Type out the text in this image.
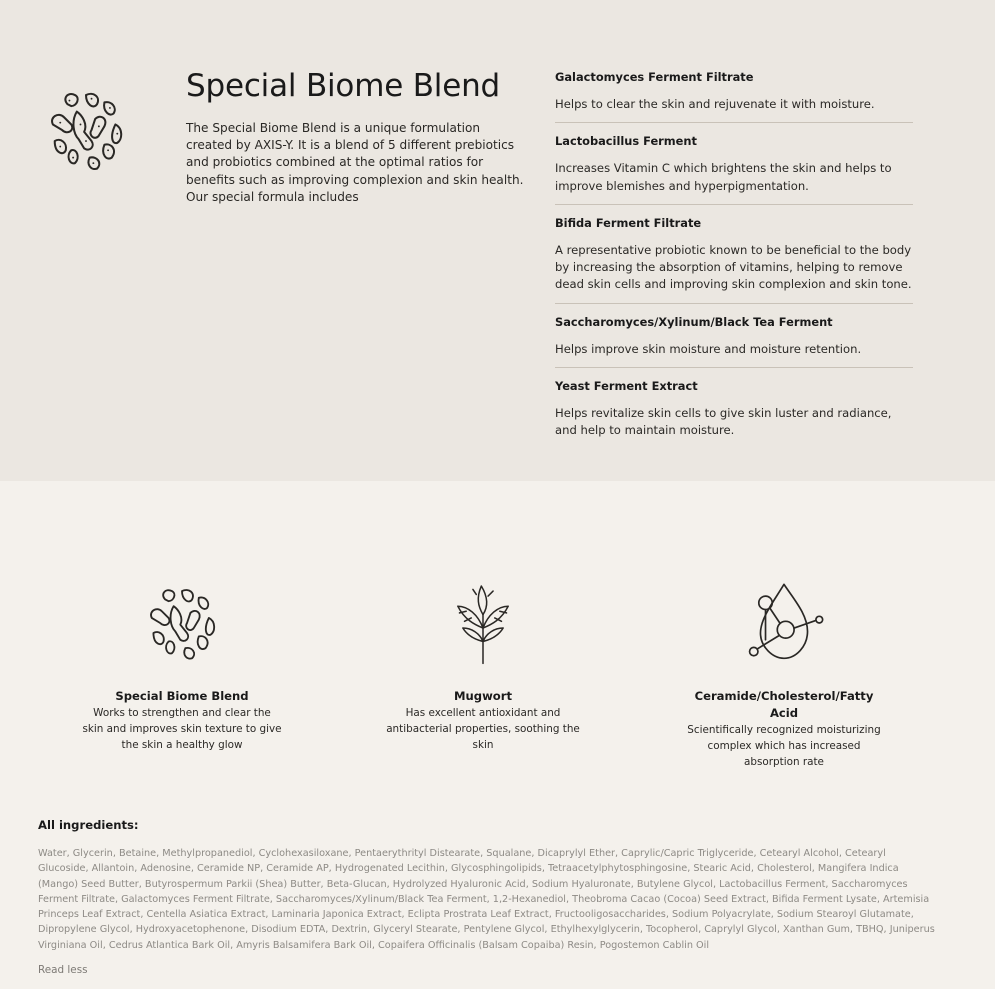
Special Biome Blend

The Special Biome Blend is a unique formulation created by AXIS-Y. It is a blend of 5 different prebiotics and probiotics combined at the optimal ratios for benefits such as improving complexion and skin health. Our special formula includes

Galactomyces Ferment Filtrate
Helps to clear the skin and rejuvenate it with moisture.
Lactobacillus Ferment
Increases Vitamin C which brightens the skin and helps to improve blemishes and hyperpigmentation.
Bifida Ferment Filtrate
A representative probiotic known to be beneficial to the body by increasing the absorption of vitamins, helping to remove dead skin cells and improving skin complexion and skin tone.
Saccharomyces/Xylinum/Black Tea Ferment
Helps improve skin moisture and moisture retention.
Yeast Ferment Extract
Helps revitalize skin cells to give skin luster and radiance, and help to maintain moisture.
Special Biome Blend
Works to strengthen and clear the skin and improves skin texture to give the skin a healthy glow
Mugwort
Has excellent antioxidant and antibacterial properties, soothing the skin
Ceramide/Cholesterol/Fatty Acid
Scientifically recognized moisturizing complex which has increased absorption rate
All ingredients:

Water, Glycerin, Betaine, Methylpropanediol, Cyclohexasiloxane, Pentaerythrityl Distearate, Squalane, Dicaprylyl Ether, Caprylic/Capric Triglyceride, Cetearyl Alcohol, Cetearyl Glucoside, Allantoin, Adenosine, Ceramide NP, Ceramide AP, Hydrogenated Lecithin, Glycosphingolipids, Tetraacetylphytosphingosine, Stearic Acid, Cholesterol, Mangifera Indica (Mango) Seed Butter, Butyrospermum Parkii (Shea) Butter, Beta-Glucan, Hydrolyzed Hyaluronic Acid, Sodium Hyaluronate, Butylene Glycol, Lactobacillus Ferment, Saccharomyces Ferment Filtrate, Galactomyces Ferment Filtrate, Saccharomyces/Xylinum/Black Tea Ferment, 1,2-Hexanediol, Theobroma Cacao (Cocoa) Seed Extract, Bifida Ferment Lysate, Artemisia Princeps Leaf Extract, Centella Asiatica Extract, Laminaria Japonica Extract, Eclipta Prostrata Leaf Extract, Fructooligosaccharides, Sodium Polyacrylate, Sodium Stearoyl Glutamate, Dipropylene Glycol, Hydroxyacetophenone, Disodium EDTA, Dextrin, Glyceryl Stearate, Pentylene Glycol, Ethylhexylglycerin, Tocopherol, Caprylyl Glycol, Xanthan Gum, TBHQ, Juniperus Virginiana Oil, Cedrus Atlantica Bark Oil, Amyris Balsamifera Bark Oil, Copaifera Officinalis (Balsam Copaiba) Resin, Pogostemon Cablin Oil

Read less
